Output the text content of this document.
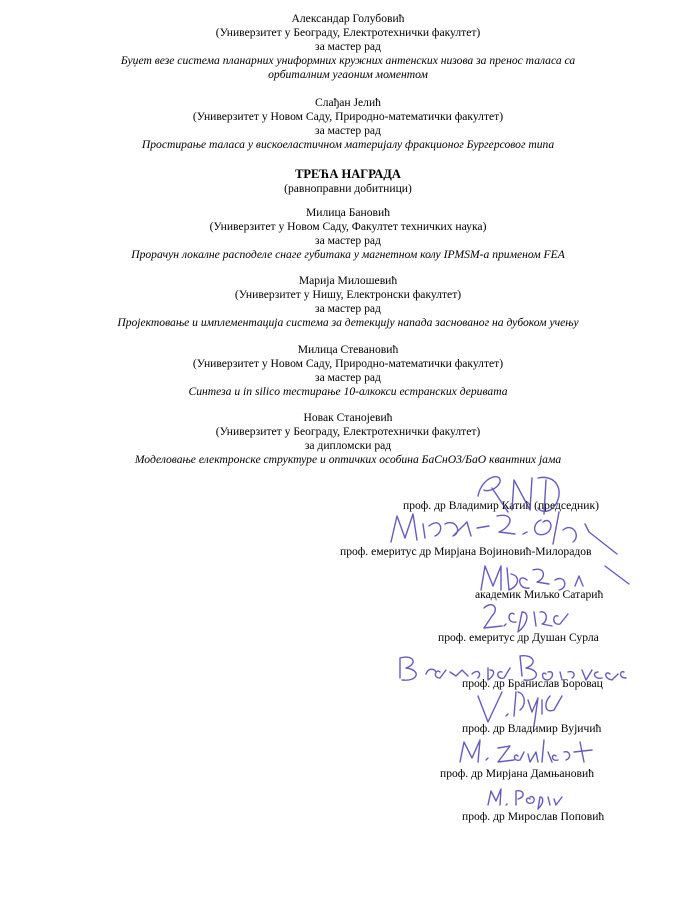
Александар Голубовић
(Универзитет у Београду, Електротехнички факултет)
за мастер рад
Буџет везе система планарних униформних кружних антенских низова за пренос таласа са
орбиталним угаоним моментом
Слађан Јелић
(Универзитет у Новом Саду, Природно-математички факултет)
за мастер рад
Простирање таласа у вискоеластичном материјалу фракционог Бургерсовог типа
ТРЕЋА НАГРАДА
(равноправни добитници)
Милица Бановић
(Универзитет у Новом Саду, Факултет техничких наука)
за мастер рад
Прорачун локалне расподеле снаге губитака у магнетном колу IPMSM-а применом FEA
Марија Милошевић
(Универзитет у Нишу, Електронски факултет)
за мастер рад
Пројектовање и имплементација система за детекцију напада заснованог на дубоком учењу
Милица Стевановић
(Универзитет у Новом Саду, Природно-математички факултет)
за мастер рад
Синтеза и in silico тестирање 10-алкокси естранских деривата
Новак Станојевић
(Универзитет у Београду, Електротехнички факултет)
за дипломски рад
Моделовање електронске структуре и оптичких особина БаСнО3/БаО квантних јама
проф. др Владимир Катић (председник)
проф. емеритус др Мирјана Војиновић-Милорадов
академик Миљко Сатарић
проф. емеритус др Душан Сурла
проф. др Бранислав Боровац
проф. др Владимир Вујичић
проф. др Мирјана Дамњановић
проф. др Мирослав Поповић
